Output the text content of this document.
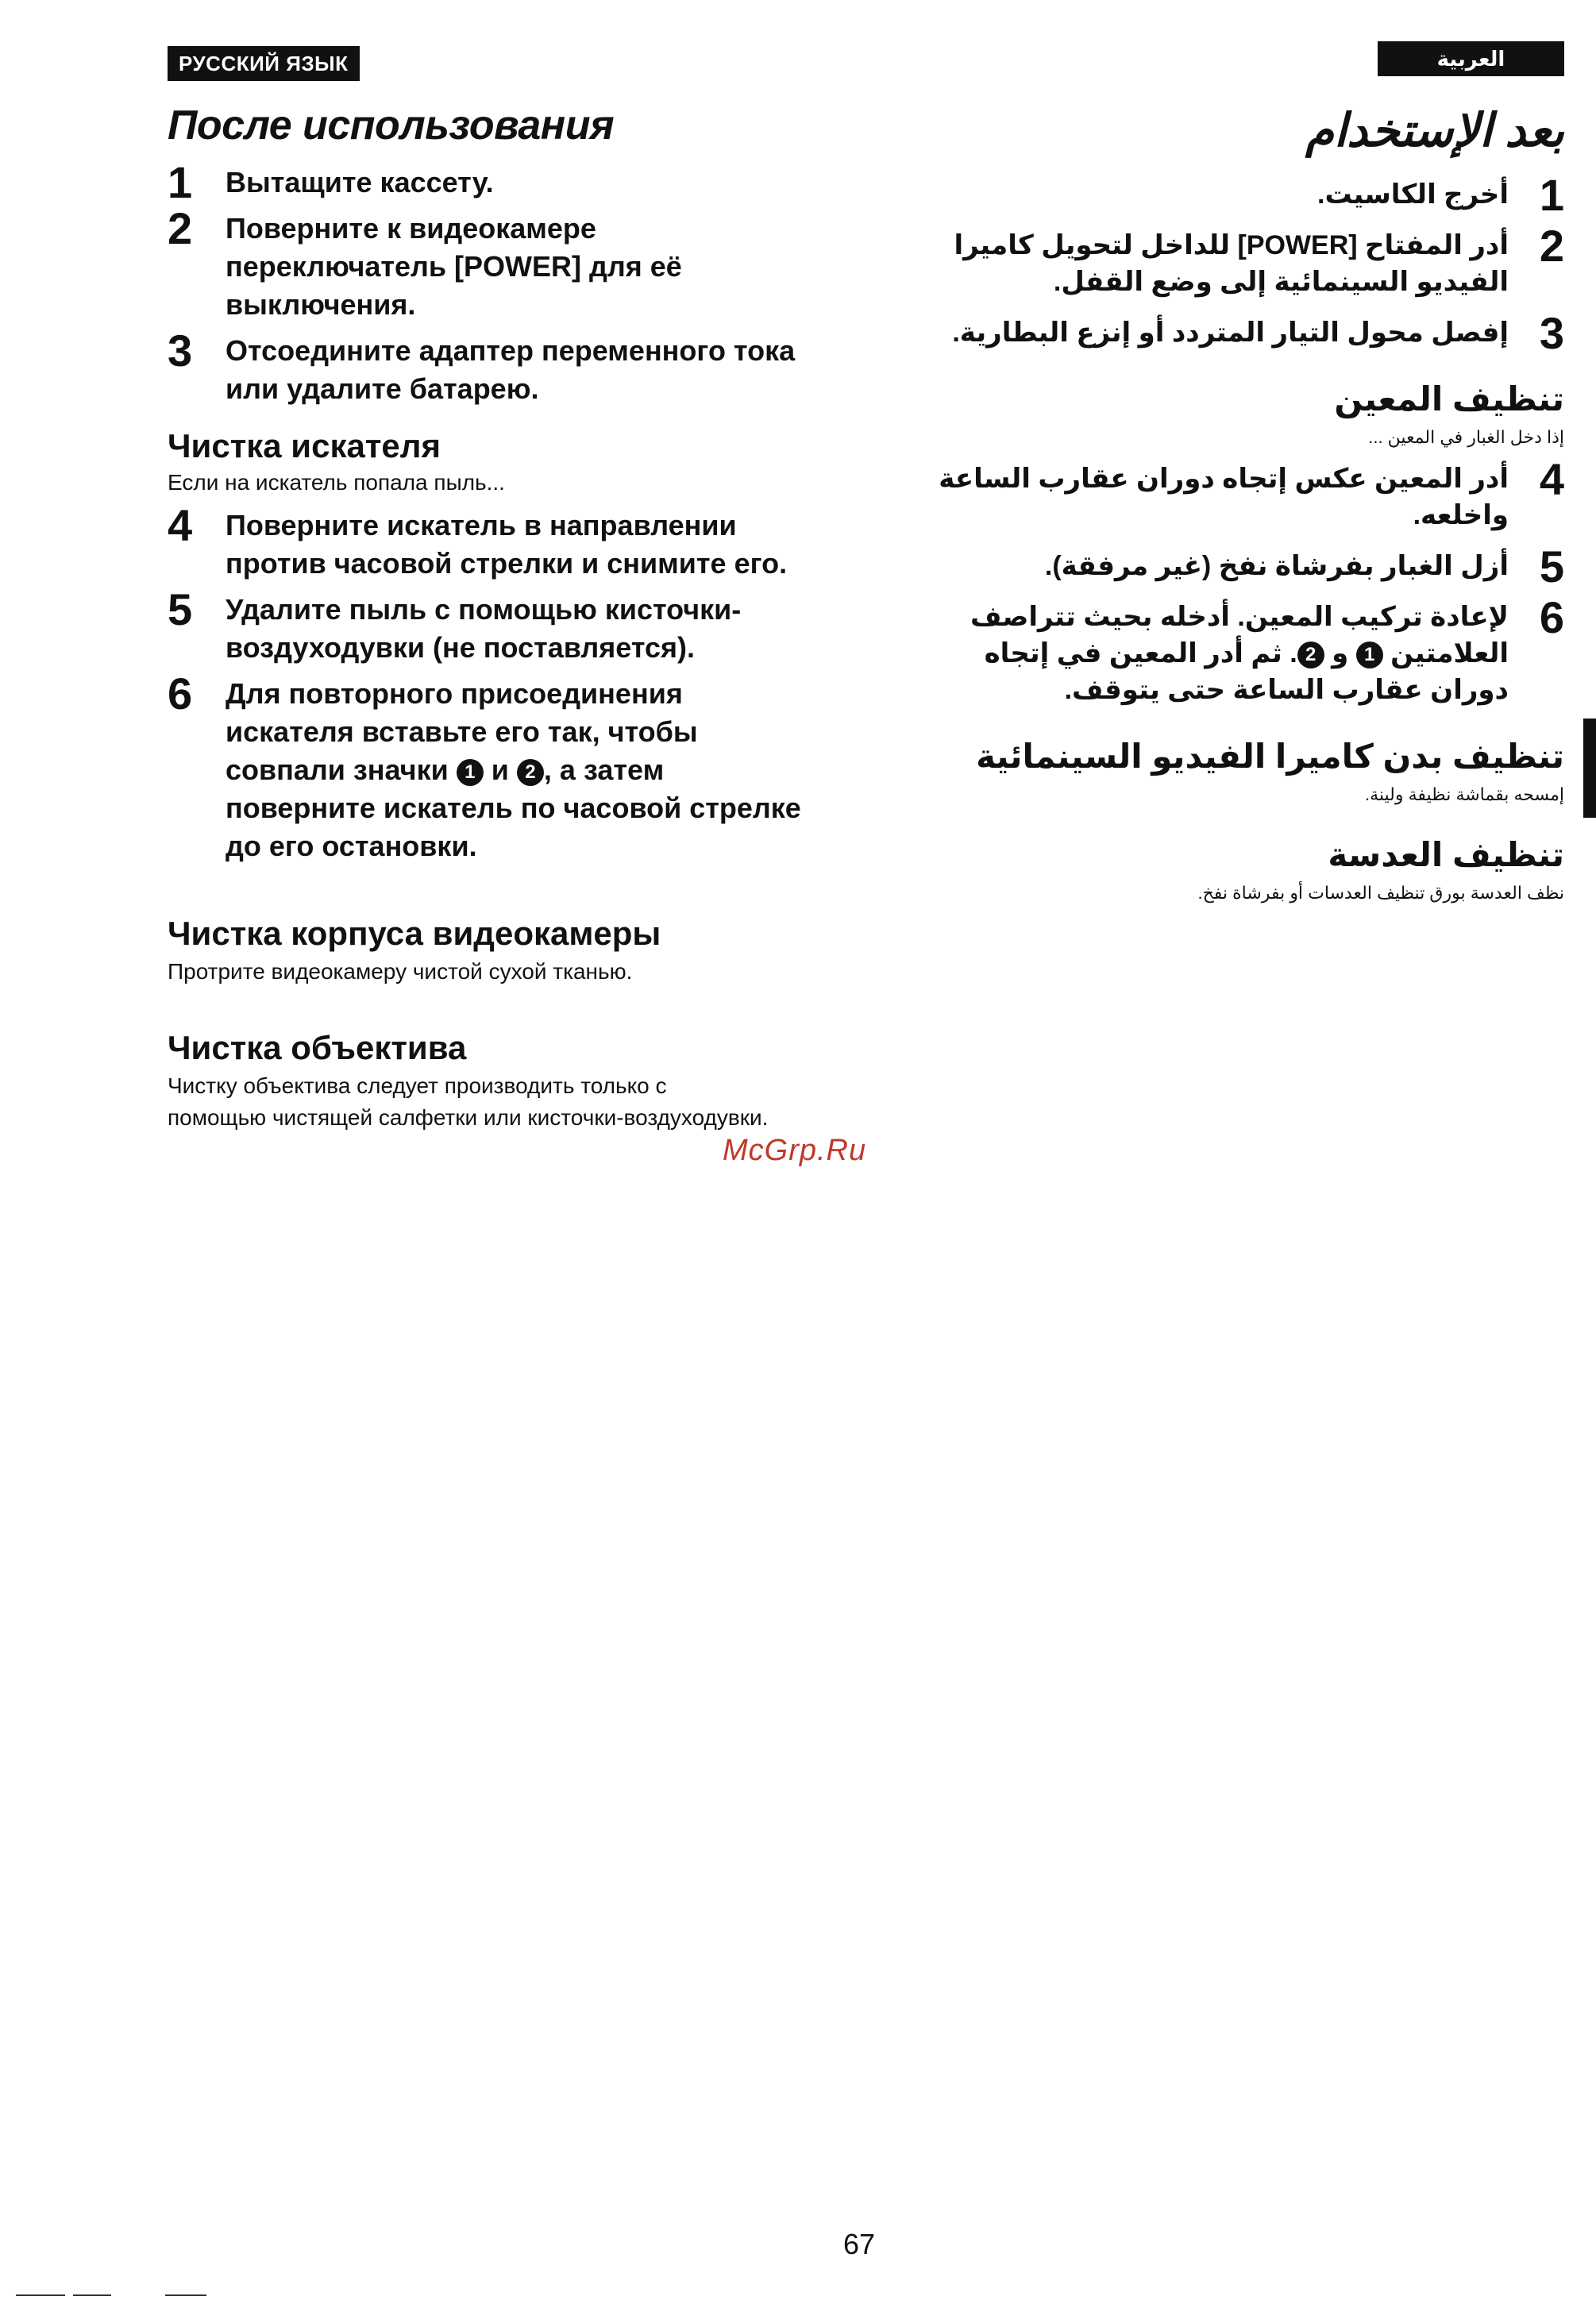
РУССКИЙ ЯЗЫК	العربية
После использования
1 Вытащите кассету.
2 Поверните к видеокамере переключатель [POWER] для её выключения.
3 Отсоедините адаптер переменного тока или удалите батарею.
Чистка искателя
Если на искатель попала пыль...
4 Поверните искатель в направлении против часовой стрелки и снимите его.
5 Удалите пыль с помощью кисточки-воздуходувки (не поставляется).
6 Для повторного присоединения искателя вставьте его так, чтобы совпали значки 1 и 2 , а затем поверните искатель по часовой стрелке до его остановки.
Чистка корпуса видеокамеры
Протрите видеокамеру чистой сухой тканью.
Чистка объектива
Чистку объектива следует производить только с помощью чистящей салфетки или кисточки-воздуходувки.
بعد الإستخدام
1
أخرج الكاسيت.
2
أدر المفتاح [POWER] للداخل لتحويل كاميرا الفيديو السينمائية إلى وضع القفل.
3
إفصل محول التيار المتردد أو إنزع البطارية.
تنظيف المعين
إذا دخل الغبار في المعين ...
4
أدر المعين عكس إتجاه دوران عقارب الساعة واخلعه.
5
أزل الغبار بفرشاة نفخ (غير مرفقة).
6
لإعادة تركيب المعين. أدخله بحيث تتراصف العلامتين 1 و 2. ثم أدر المعين في إتجاه دوران عقارب الساعة حتى يتوقف.
تنظيف بدن كاميرا الفيديو السينمائية
إمسحه بقماشة نظيفة ولينة.
تنظيف العدسة
نظف العدسة بورق تنظيف العدسات أو بفرشاة نفخ.
McGrp.Ru
67
